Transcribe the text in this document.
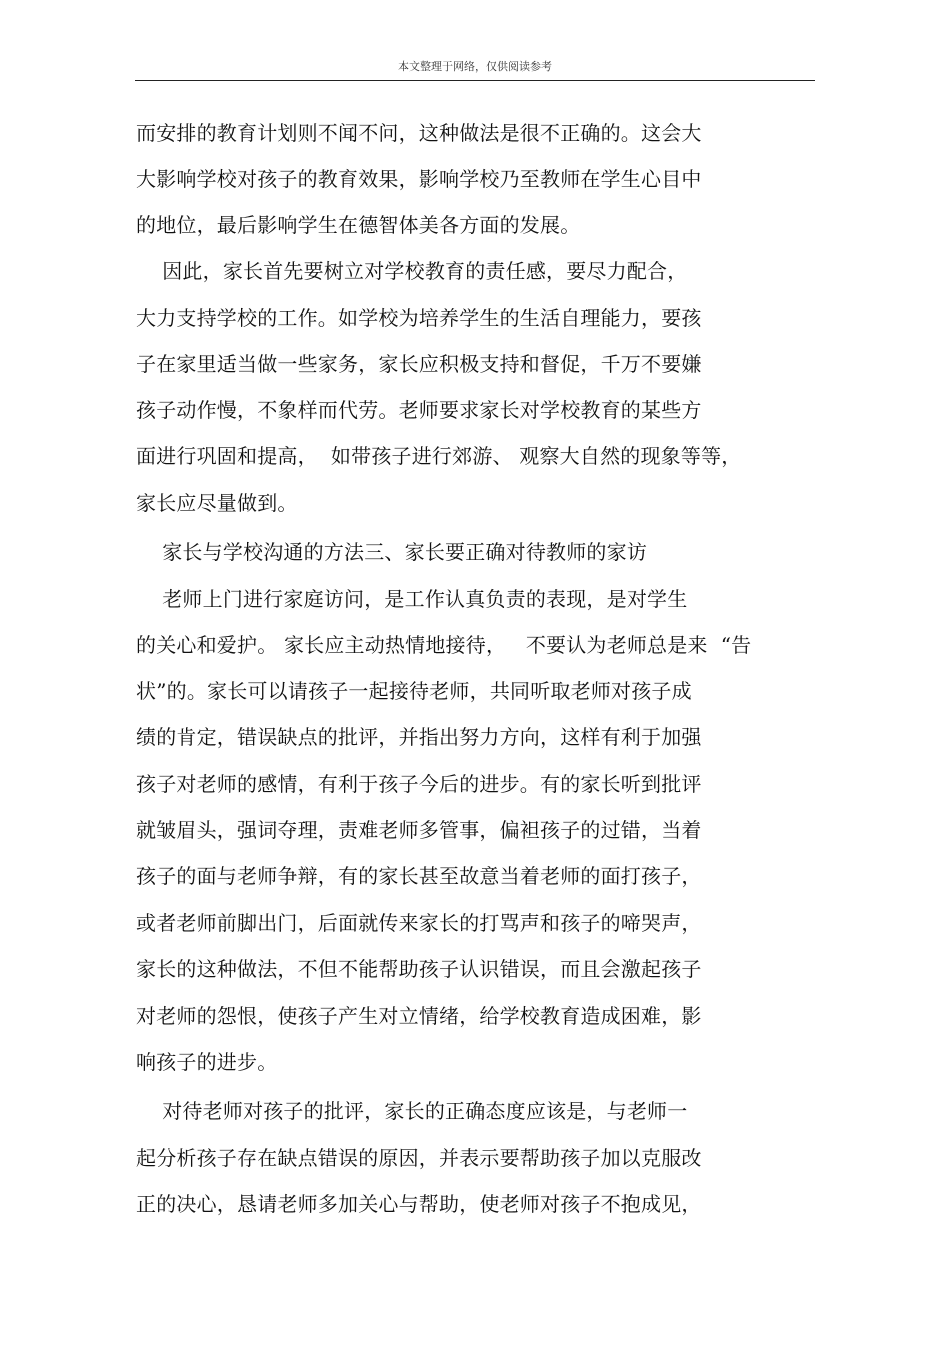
本文整理于网络，仅供阅读参考
而安排的教育计划则不闻不问，这种做法是很不正确的。这会大
大影响学校对孩子的教育效果，影响学校乃至教师在学生心目中
的地位，最后影响学生在德智体美各方面的发展。
因此，家长首先要树立对学校教育的责任感，要尽力配合，
大力支持学校的工作。如学校为培养学生的生活自理能力，要孩
子在家里适当做一些家务，家长应积极支持和督促，千万不要嫌
孩子动作慢，不象样而代劳。老师要求家长对学校教育的某些方
面进行巩固和提高，  如带孩子进行郊游、 观察大自然的现象等等，
家长应尽量做到。
家长与学校沟通的方法三、家长要正确对待教师的家访
老师上门进行家庭访问，是工作认真负责的表现，是对学生
的关心和爱护。 家长应主动热情地接待，   不要认为老师总是来  “告
状”的。家长可以请孩子一起接待老师，共同听取老师对孩子成
绩的肯定，错误缺点的批评，并指出努力方向，这样有利于加强
孩子对老师的感情，有利于孩子今后的进步。有的家长听到批评
就皱眉头，强词夺理，责难老师多管事，偏袒孩子的过错，当着
孩子的面与老师争辩，有的家长甚至故意当着老师的面打孩子，
或者老师前脚出门，后面就传来家长的打骂声和孩子的啼哭声，
家长的这种做法，不但不能帮助孩子认识错误，而且会激起孩子
对老师的怨恨，使孩子产生对立情绪，给学校教育造成困难，影
响孩子的进步。
对待老师对孩子的批评，家长的正确态度应该是，与老师一
起分析孩子存在缺点错误的原因，并表示要帮助孩子加以克服改
正的决心，恳请老师多加关心与帮助，使老师对孩子不抱成见，
